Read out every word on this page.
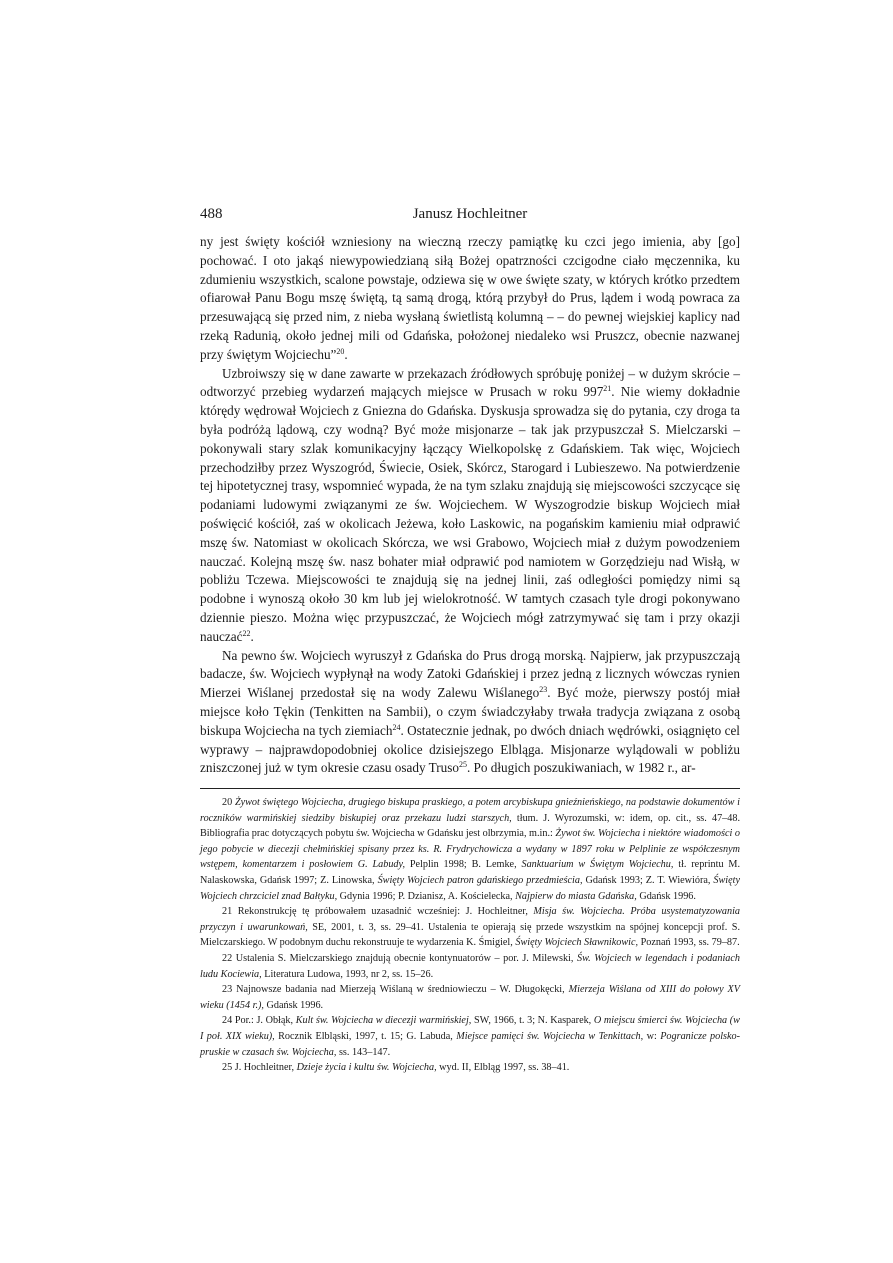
488	Janusz Hochleitner

ny jest święty kościół wzniesiony na wieczną rzeczy pamiątkę ku czci jego imienia, aby [go] pochować. I oto jakąś niewypowiedzianą siłą Bożej opatrzności czcigodne ciało męczennika, ku zdumieniu wszystkich, scalone powstaje, odziewa się w owe święte szaty, w których krótko przedtem ofiarował Panu Bogu mszę świętą, tą samą drogą, którą przybył do Prus, lądem i wodą powraca za przesuwającą się przed nim, z nieba wysłaną świetlistą kolumną – – do pewnej wiejskiej kaplicy nad rzeką Radunią, około jednej mili od Gdańska, położonej niedaleko wsi Pruszcz, obecnie nazwanej przy świętym Wojciechu”$^{20}$.

Uzbroiwszy się w dane zawarte w przekazach źródłowych spróbuję poniżej – w dużym skrócie – odtworzyć przebieg wydarzeń mających miejsce w Prusach w roku $997^{21}$. Nie wiemy dokładnie którędy wędrował Wojciech z Gniezna do Gdańska. Dyskusja sprowadza się do pytania, czy droga ta była podróżą lądową, czy wodną? Być może misjonarze – tak jak przypuszczał S. Mielczarski – pokonywali stary szlak komunikacyjny łączący Wielkopolskę z Gdańskiem. Tak więc, Wojciech przechodziłby przez Wyszogród, Świecie, Osiek, Skórcz, Starogard i Lubieszewo. Na potwierdzenie tej hipotetycznej trasy, wspomnieć wypada, że na tym szlaku znajdują się miejscowości szczycące się podaniami ludowymi związanymi ze św. Wojciechem. W Wyszogrodzie biskup Wojciech miał poświęcić kościół, zaś w okolicach Jeżewa, koło Laskowic, na pogańskim kamieniu miał odprawić mszę św. Natomiast w okolicach Skórcza, we wsi Grabowo, Wojciech miał z dużym powodzeniem nauczać. Kolejną mszę św. nasz bohater miał odprawić pod namiotem w Gorzędzieju nad Wisłą, w pobliżu Tczewa. Miejscowości te znajdują się na jednej linii, zaś odległości pomiędzy nimi są podobne i wynoszą około 30 km lub jej wielokrotność. W tamtych czasach tyle drogi pokonywano dziennie pieszo. Można więc przypuszczać, że Wojciech mógł zatrzymywać się tam i przy okazji nauczać$^{22}$.

Na pewno św. Wojciech wyruszył z Gdańska do Prus drogą morską. Najpierw, jak przypuszczają badacze, św. Wojciech wypłynął na wody Zatoki Gdańskiej i przez jedną z licznych wówczas rynien Mierzei Wiślanej przedostał się na wody Zalewu Wiślanego$^{23}$. Być może, pierwszy postój miał miejsce koło Tękin (Tenkitten na Sambii), o czym świadczyłaby trwała tradycja związana z osobą biskupa Wojciecha na tych ziemiach$^{24}$. Ostatecznie jednak, po dwóch dniach wędrówki, osiągnięto cel wyprawy – najprawdopodobniej okolice dzisiejszego Elbląga. Misjonarze wylądowali w pobliżu zniszczonej już w tym okresie czasu osady Truso$^{25}$. Po długich poszukiwaniach, w 1982 r., ar-

20 Żywot świętego Wojciecha, drugiego biskupa praskiego, a potem arcybiskupa gnieźnieńskiego, na podstawie dokumentów i roczników warmińskiej siedziby biskupiej oraz przekazu ludzi starszych, tłum. J. Wyrozumski, w: idem, op. cit., ss. 47–48. Bibliografia prac dotyczących pobytu św. Wojciecha w Gdańsku jest olbrzymia, m.in.: Żywot św. Wojciecha i niektóre wiadomości o jego pobycie w diecezji chełmińskiej spisany przez ks. R. Frydrychowicza a wydany w 1897 roku w Pelplinie ze współczesnym wstępem, komentarzem i posłowiem G. Labudy, Pelplin 1998; B. Lemke, Sanktuarium w Świętym Wojciechu, tł. reprintu M. Nalaskowska, Gdańsk 1997; Z. Linowska, Święty Wojciech patron gdańskiego przedmieścia, Gdańsk 1993; Z. T. Wiewióra, Święty Wojciech chrzciciel znad Bałtyku, Gdynia 1996; P. Dzianisz, A. Kościelecka, Najpierw do miasta Gdańska, Gdańsk 1996.

21 Rekonstrukcję tę próbowałem uzasadnić wcześniej: J. Hochleitner, Misja św. Wojciecha. Próba usystematyzowania przyczyn i uwarunkowań, SE, 2001, t. 3, ss. 29–41. Ustalenia te opierają się przede wszystkim na spójnej koncepcji prof. S. Mielczarskiego. W podobnym duchu rekonstruuje te wydarzenia K. Śmigiel, Święty Wojciech Sławnikowic, Poznań 1993, ss. 79–87.

22 Ustalenia S. Mielczarskiego znajdują obecnie kontynuatorów – por. J. Milewski, Św. Wojciech w legendach i podaniach ludu Kociewia, Literatura Ludowa, 1993, nr 2, ss. 15–26.

23 Najnowsze badania nad Mierzeją Wiślaną w średniowieczu – W. Długokęcki, Mierzeja Wiślana od XIII do połowy XV wieku (1454 r.), Gdańsk 1996.

24 Por.: J. Obłąk, Kult św. Wojciecha w diecezji warmińskiej, SW, 1966, t. 3; N. Kasparek, O miejscu śmierci św. Wojciecha (w I poł. XIX wieku), Rocznik Elbląski, 1997, t. 15; G. Labuda, Miejsce pamięci św. Wojciecha w Tenkittach, w: Pogranicze polsko-pruskie w czasach św. Wojciecha, ss. 143–147.

25 J. Hochleitner, Dzieje życia i kultu św. Wojciecha, wyd. II, Elbląg 1997, ss. 38–41.
